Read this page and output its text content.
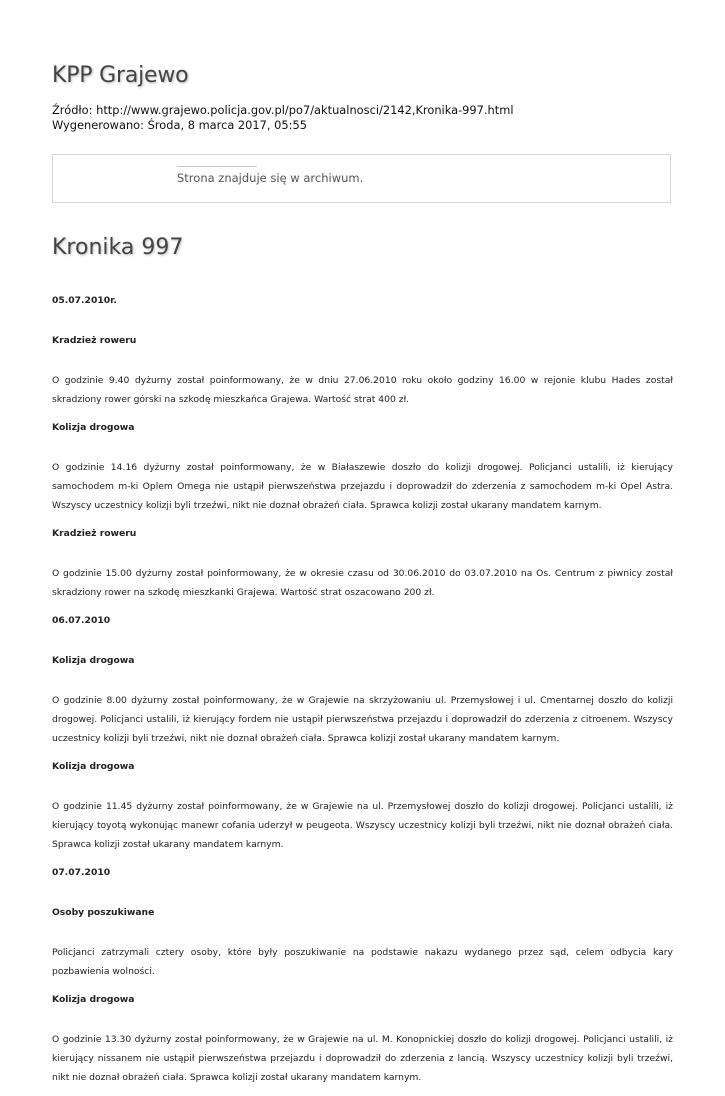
KPP Grajewo
Źródło: http://www.grajewo.policja.gov.pl/po7/aktualnosci/2142,Kronika-997.html
Wygenerowano: Środa, 8 marca 2017, 05:55
Strona znajduje się w archiwum.
Kronika 997
05.07.2010r.
Kradzież roweru
O godzinie 9.40 dyżurny został poinformowany, że w dniu 27.06.2010 roku około godziny 16.00 w rejonie klubu Hades został skradziony rower górski na szkodę mieszkańca Grajewa. Wartość strat 400 zł.
Kolizja drogowa
O godzinie 14.16 dyżurny został poinformowany, że w Białaszewie doszło do kolizji drogowej. Policjanci ustalili, iż kierujący samochodem m-ki Oplem Omega nie ustąpił pierwszeństwa przejazdu i doprowadził do zderzenia z samochodem m-ki Opel Astra. Wszyscy uczestnicy kolizji byli trzeźwi, nikt nie doznał obrażeń ciała. Sprawca kolizji został ukarany mandatem karnym.
Kradzież roweru
O godzinie 15.00 dyżurny został poinformowany, że w okresie czasu od 30.06.2010 do 03.07.2010 na Os. Centrum z piwnicy został skradziony rower na szkodę mieszkanki Grajewa. Wartość strat oszacowano 200 zł.
06.07.2010
Kolizja drogowa
O godzinie 8.00 dyżurny został poinformowany, że w Grajewie na skrzyżowaniu ul. Przemysłowej i ul. Cmentarnej doszło do kolizji drogowej. Policjanci ustalili, iż kierujący fordem nie ustąpił pierwszeństwa przejazdu i doprowadził do zderzenia z citroenem. Wszyscy uczestnicy kolizji byli trzeźwi, nikt nie doznał obrażeń ciała. Sprawca kolizji został ukarany mandatem karnym.
Kolizja drogowa
O godzinie 11.45 dyżurny został poinformowany, że w Grajewie na ul. Przemysłowej doszło do kolizji drogowej. Policjanci ustalili, iż kierujący toyotą wykonując manewr cofania uderzył w peugeota. Wszyscy uczestnicy kolizji byli trzeźwi, nikt nie doznał obrażeń ciała. Sprawca kolizji został ukarany mandatem karnym.
07.07.2010
Osoby poszukiwane
Policjanci zatrzymali cztery osoby, które były poszukiwanie na podstawie nakazu wydanego przez sąd, celem odbycia kary pozbawienia wolności.
Kolizja drogowa
O godzinie 13.30 dyżurny został poinformowany, że w Grajewie na ul. M. Konopnickiej doszło do kolizji drogowej. Policjanci ustalili, iż kierujący nissanem nie ustąpił pierwszeństwa przejazdu i doprowadził do zderzenia z lancią. Wszyscy uczestnicy kolizji byli trzeźwi, nikt nie doznał obrażeń ciała. Sprawca kolizji został ukarany mandatem karnym.
